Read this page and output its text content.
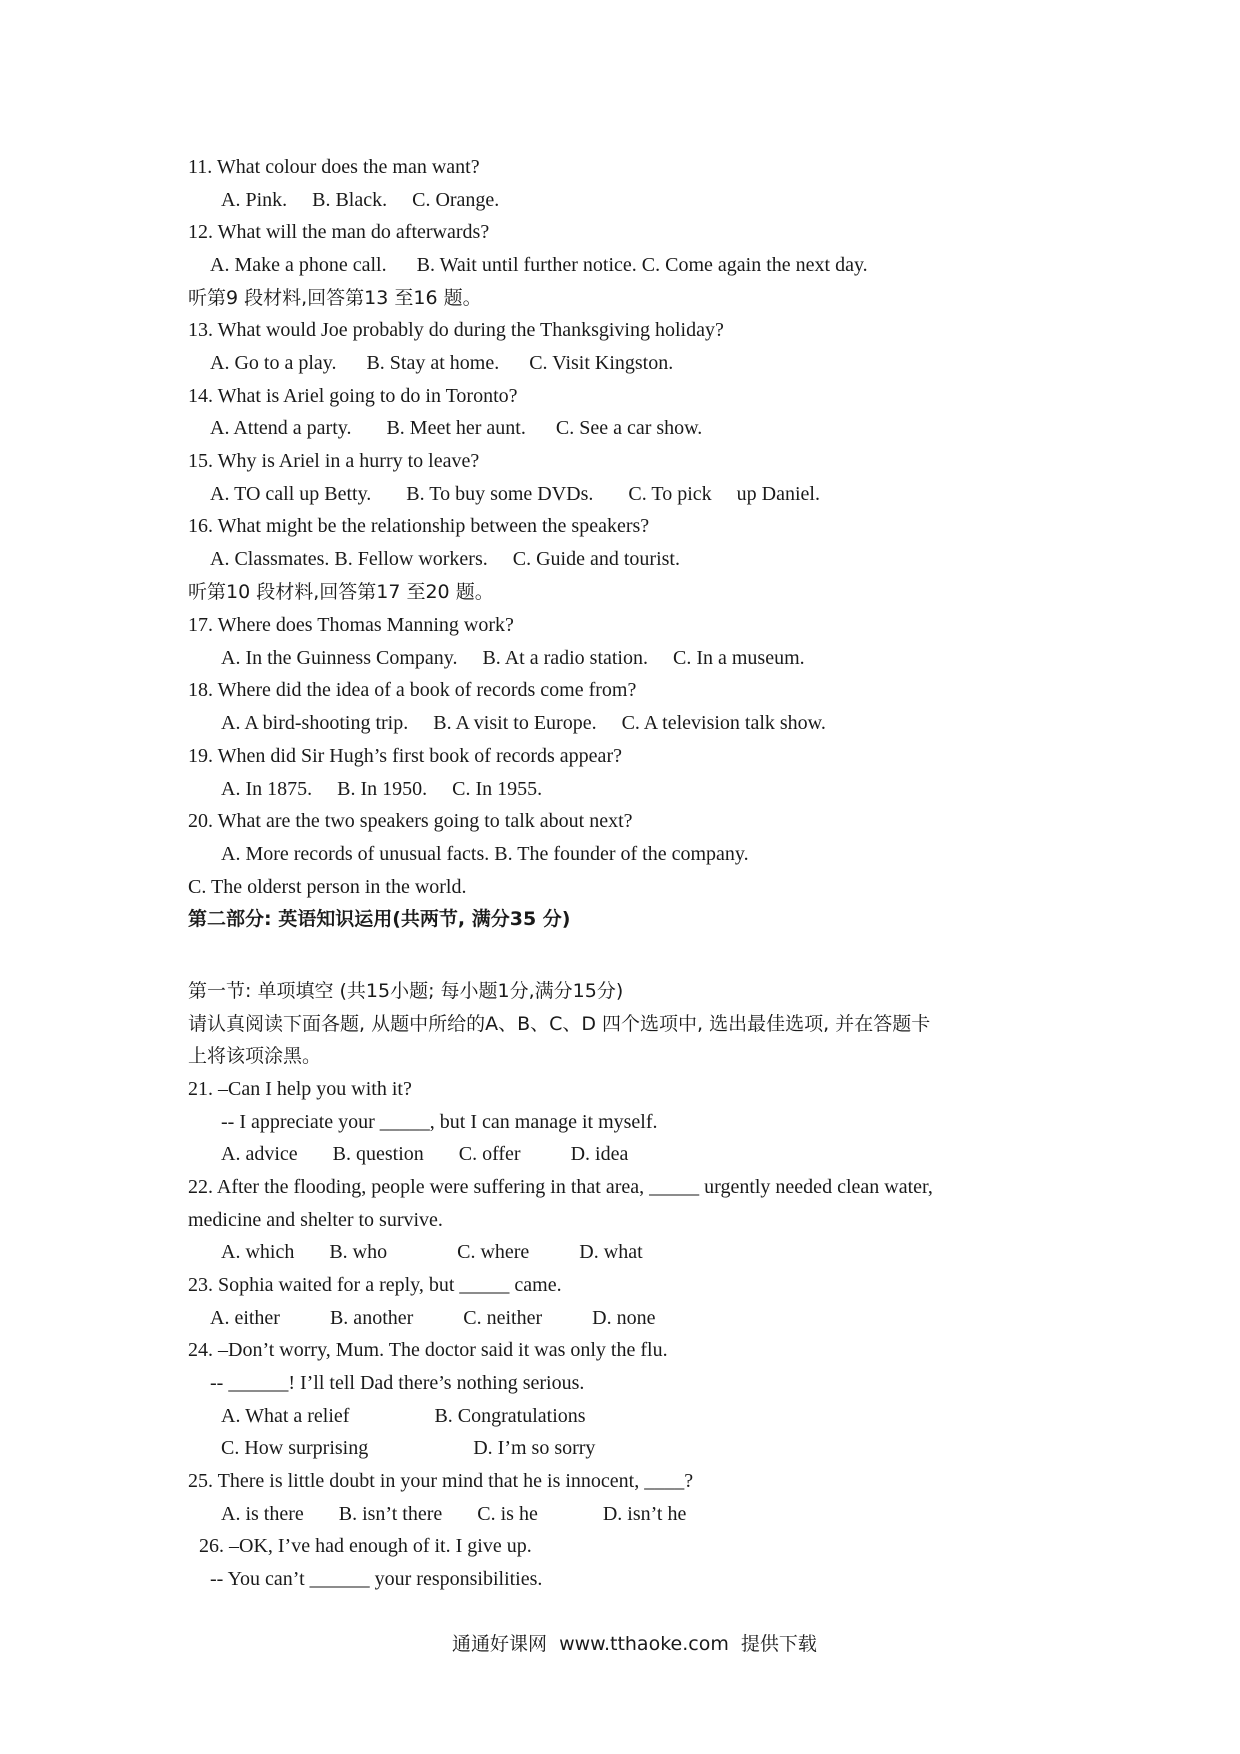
11. What colour does the man want?
A. Pink.     B. Black.     C. Orange.
12. What will the man do afterwards?
A. Make a phone call.      B. Wait until further notice. C. Come again the next day.
听第9 段材料,回答第13 至16 题。
13. What would Joe probably do during the Thanksgiving holiday?
A. Go to a play.      B. Stay at home.      C. Visit Kingston.
14. What is Ariel going to do in Toronto?
A. Attend a party.       B. Meet her aunt.      C. See a car show.
15. Why is Ariel in a hurry to leave?
A. TO call up Betty.       B. To buy some DVDs.       C. To pick     up Daniel.
16. What might be the relationship between the speakers?
A. Classmates. B. Fellow workers.     C. Guide and tourist.
听第10 段材料,回答第17 至20 题。
17. Where does Thomas Manning work?
A. In the Guinness Company.     B. At a radio station.     C. In a museum.
18. Where did the idea of a book of records come from?
A. A bird-shooting trip.     B. A visit to Europe.     C. A television talk show.
19. When did Sir Hugh’s first book of records appear?
A. In 1875.     B. In 1950.     C. In 1955.
20. What are the two speakers going to talk about next?
A. More records of unusual facts. B. The founder of the company.
C. The olderst person in the world.
第二部分: 英语知识运用(共两节, 满分35 分)
第一节: 单项填空 (共15小题; 每小题1分,满分15分)
请认真阅读下面各题, 从题中所给的A、B、C、D 四个选项中, 选出最佳选项, 并在答题卡
上将该项涂黑。
21. –Can I help you with it?
-- I appreciate your _____, but I can manage it myself.
A. advice       B. question       C. offer          D. idea
22. After the flooding, people were suffering in that area, _____ urgently needed clean water,
medicine and shelter to survive.
A. which       B. who              C. where          D. what
23. Sophia waited for a reply, but _____ came.
A. either          B. another          C. neither          D. none
24. –Don’t worry, Mum. The doctor said it was only the flu.
-- ______! I’ll tell Dad there’s nothing serious.
A. What a relief                 B. Congratulations
C. How surprising                     D. I’m so sorry
25. There is little doubt in your mind that he is innocent, ____?
A. is there       B. isn’t there       C. is he             D. isn’t he
26. –OK, I’ve had enough of it. I give up.
-- You can’t ______ your responsibilities.
通通好课网  www.tthaoke.com  提供下载
